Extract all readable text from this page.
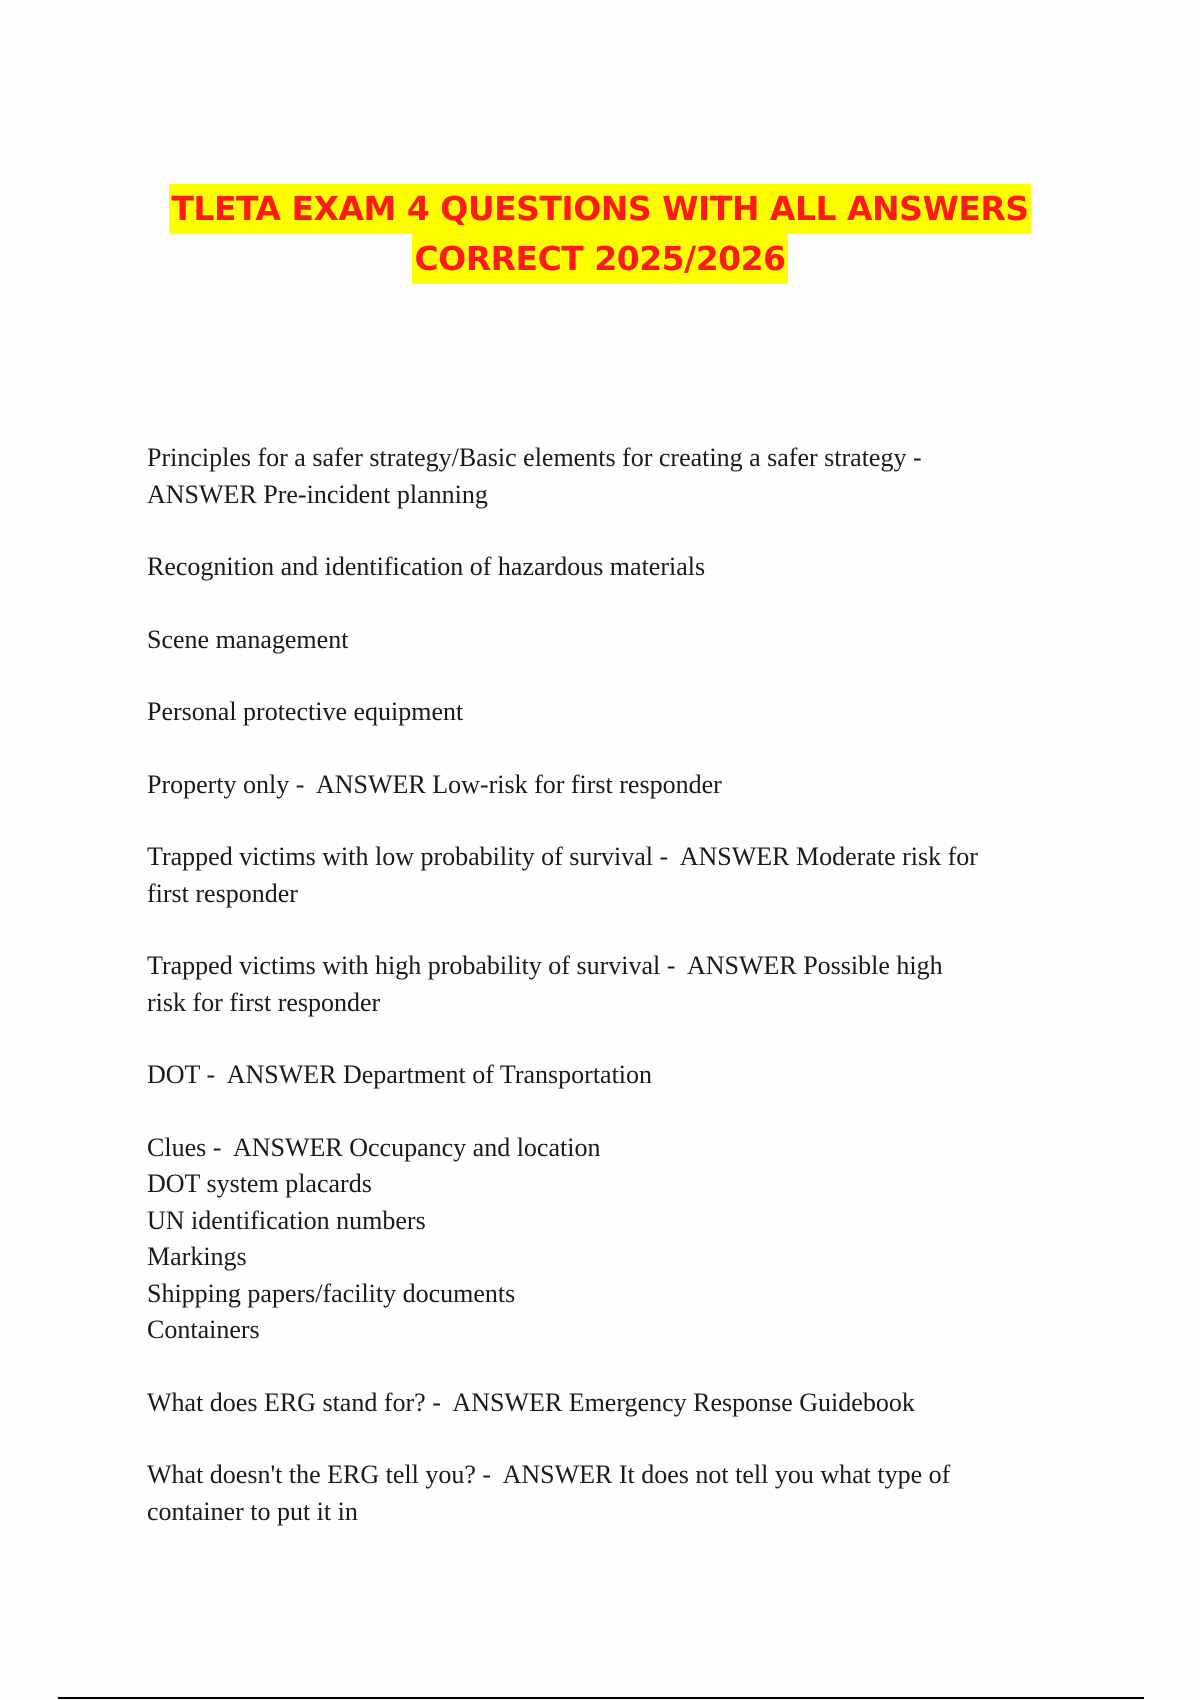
TLETA EXAM 4 QUESTIONS WITH ALL ANSWERS
CORRECT 2025/2026
Principles for a safer strategy/Basic elements for creating a safer strategy -
ANSWER Pre-incident planning
Recognition and identification of hazardous materials
Scene management
Personal protective equipment
Property only -  ANSWER Low-risk for first responder
Trapped victims with low probability of survival -  ANSWER Moderate risk for
first responder
Trapped victims with high probability of survival -  ANSWER Possible high
risk for first responder
DOT -  ANSWER Department of Transportation
Clues -  ANSWER Occupancy and location
DOT system placards
UN identification numbers
Markings
Shipping papers/facility documents
Containers
What does ERG stand for? -  ANSWER Emergency Response Guidebook
What doesn't the ERG tell you? -  ANSWER It does not tell you what type of
container to put it in
